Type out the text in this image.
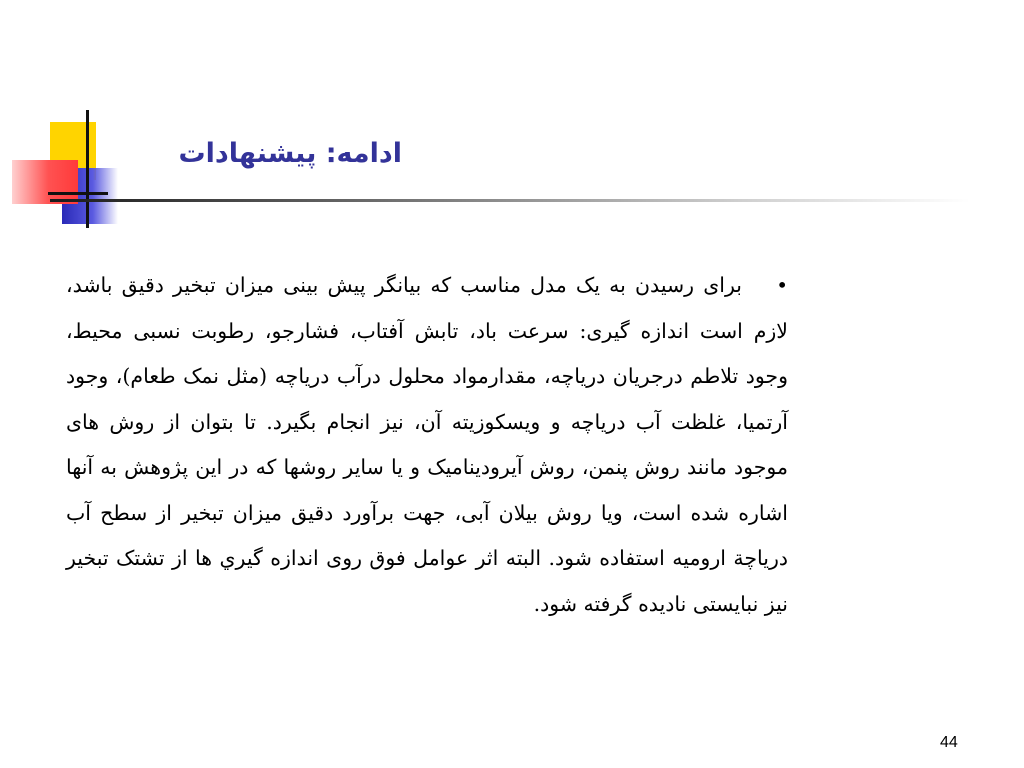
ادامه: پیشنهادات
•برای رسیدن به یک مدل مناسب که بیانگر پیش بینی میزان تبخیر دقیق باشد، لازم است اندازه گیری: سرعت باد، تابش آفتاب، فشارجو، رطوبت نسبی محیط، وجود تلاطم درجریان دریاچه، مقدارمواد محلول درآب دریاچه (مثل نمک طعام)، وجود آرتمیا، غلظت آب دریاچه و ویسکوزیته آن، نیز انجام بگیرد. تا بتوان از روش های موجود مانند روش پنمن، روش آیرودینامیک و یا سایر روشها که در این پژوهش به آنها اشاره شده است، ویا روش بیلان آبی، جهت برآورد دقیق میزان تبخیر از سطح آب دریاچة ارومیه استفاده شود. البته اثر عوامل فوق روی اندازه گيري ها از تشتک تبخیر نیز نبایستی نادیده گرفته شود.
44
